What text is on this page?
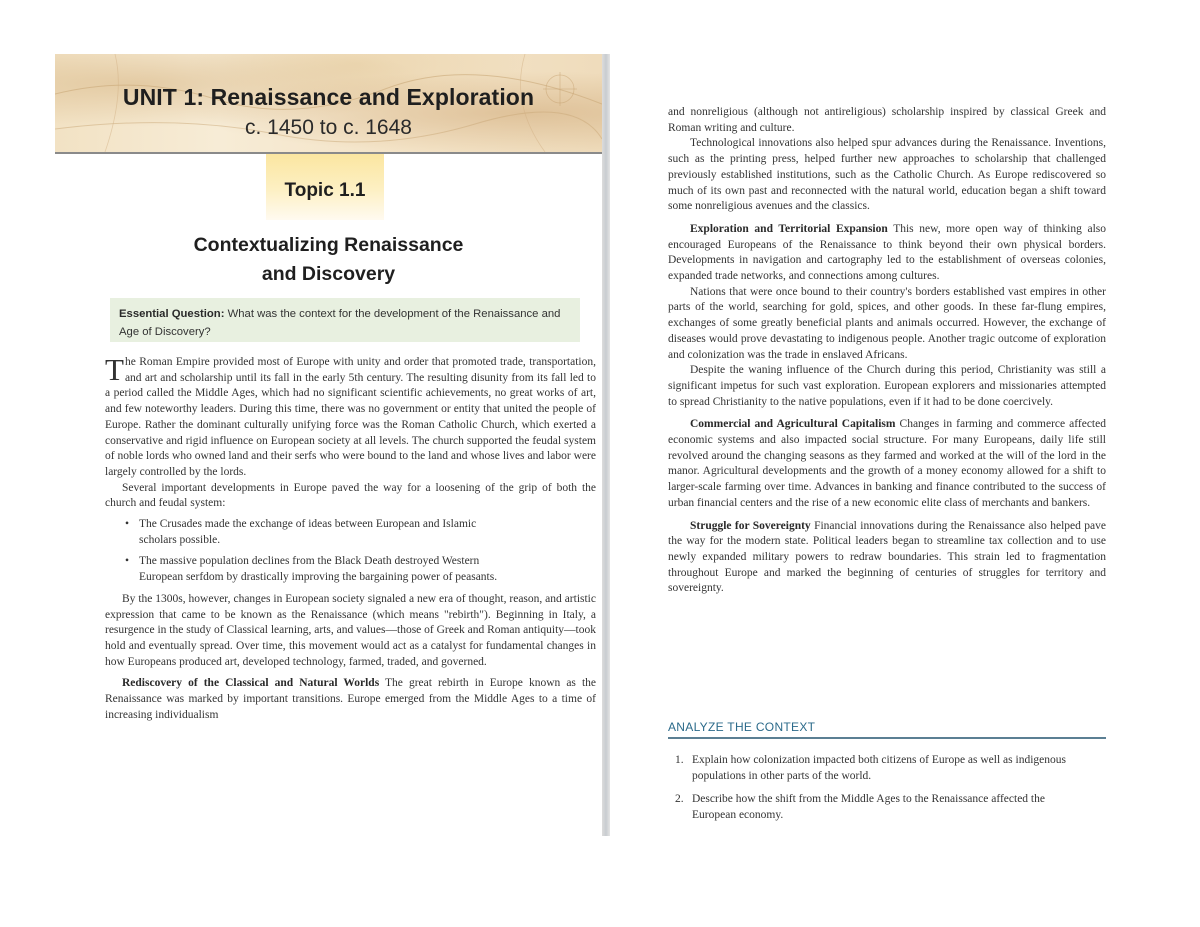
UNIT 1: Renaissance and Exploration
c. 1450 to c. 1648
Topic 1.1
Contextualizing Renaissance
and Discovery
Essential Question: What was the context for the development of the Renaissance and Age of Discovery?

The Roman Empire provided most of Europe with unity and order that promoted trade, transportation, and art and scholarship until its fall in the early 5th century. The resulting disunity from its fall led to a period called the Middle Ages, which had no significant scientific achievements, no great works of art, and few noteworthy leaders. During this time, there was no government or entity that united the people of Europe. Rather the dominant culturally unifying force was the Roman Catholic Church, which exerted a conservative and rigid influence on European society at all levels. The church supported the feudal system of noble lords who owned land and their serfs who were bound to the land and whose lives and labor were largely controlled by the lords.

Several important developments in Europe paved the way for a loosening of the grip of both the church and feudal system:

• The Crusades made the exchange of ideas between European and Islamic scholars possible.
• The massive population declines from the Black Death destroyed Western European serfdom by drastically improving the bargaining power of peasants.

By the 1300s, however, changes in European society signaled a new era of thought, reason, and artistic expression that came to be known as the Renaissance (which means "rebirth"). Beginning in Italy, a resurgence in the study of Classical learning, arts, and values—those of Greek and Roman antiquity—took hold and eventually spread. Over time, this movement would act as a catalyst for fundamental changes in how Europeans produced art, developed technology, farmed, traded, and governed.

Rediscovery of the Classical and Natural Worlds The great rebirth in Europe known as the Renaissance was marked by important transitions. Europe emerged from the Middle Ages to a time of increasing individualism

and nonreligious (although not antireligious) scholarship inspired by classical Greek and Roman writing and culture.

Technological innovations also helped spur advances during the Renaissance. Inventions, such as the printing press, helped further new approaches to scholarship that challenged previously established institutions, such as the Catholic Church. As Europe rediscovered so much of its own past and reconnected with the natural world, education began a shift toward some nonreligious avenues and the classics.

Exploration and Territorial Expansion This new, more open way of thinking also encouraged Europeans of the Renaissance to think beyond their own physical borders. Developments in navigation and cartography led to the establishment of overseas colonies, expanded trade networks, and connections among cultures.

Nations that were once bound to their country's borders established vast empires in other parts of the world, searching for gold, spices, and other goods. In these far-flung empires, exchanges of some greatly beneficial plants and animals occurred. However, the exchange of diseases would prove devastating to indigenous people. Another tragic outcome of exploration and colonization was the trade in enslaved Africans.

Despite the waning influence of the Church during this period, Christianity was still a significant impetus for such vast exploration. European explorers and missionaries attempted to spread Christianity to the native populations, even if it had to be done coercively.

Commercial and Agricultural Capitalism Changes in farming and commerce affected economic systems and also impacted social structure. For many Europeans, daily life still revolved around the changing seasons as they farmed and worked at the will of the lord in the manor. Agricultural developments and the growth of a money economy allowed for a shift to larger-scale farming over time. Advances in banking and finance contributed to the success of urban financial centers and the rise of a new economic elite class of merchants and bankers.

Struggle for Sovereignty Financial innovations during the Renaissance also helped pave the way for the modern state. Political leaders began to streamline tax collection and to use newly expanded military powers to redraw boundaries. This strain led to fragmentation throughout Europe and marked the beginning of centuries of struggles for territory and sovereignty.

ANALYZE THE CONTEXT
1. Explain how colonization impacted both citizens of Europe as well as indigenous populations in other parts of the world.
2. Describe how the shift from the Middle Ages to the Renaissance affected the European economy.
